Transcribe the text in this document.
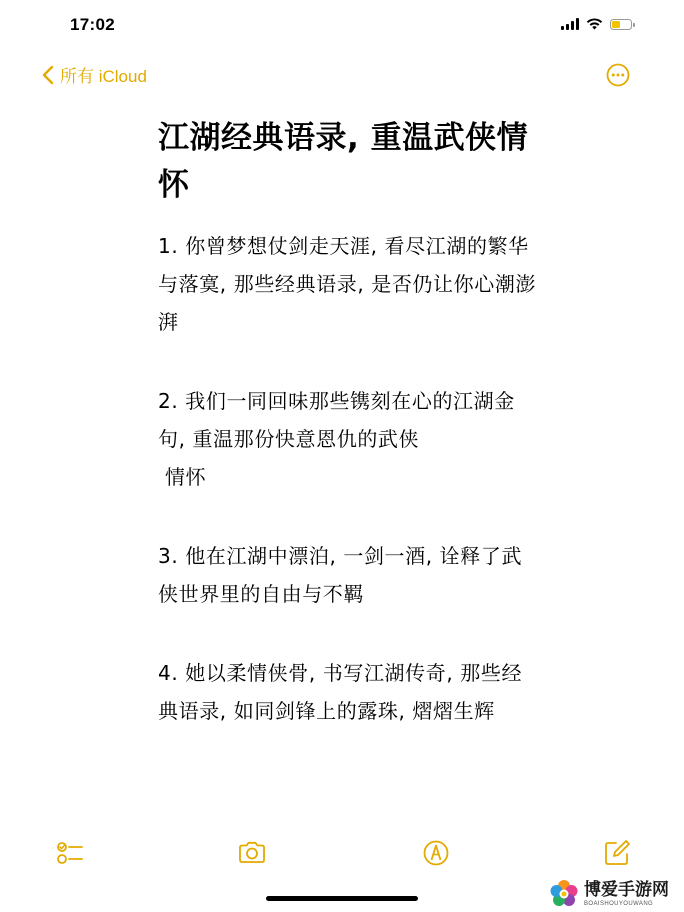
17:02
所有 iCloud
江湖经典语录, 重温武侠情怀

1. 你曾梦想仗剑走天涯, 看尽江湖的繁华与落寞, 那些经典语录, 是否仍让你心潮澎湃

2. 我们一同回味那些镌刻在心的江湖金句, 重温那份快意恩仇的武侠
情怀

3. 他在江湖中漂泊, 一剑一酒, 诠释了武侠世界里的自由与不羁

4. 她以柔情侠骨, 书写江湖传奇, 那些经典语录, 如同剑锋上的露珠, 熠熠生辉

博爱手游网
BOAISHOUYOUWANG
